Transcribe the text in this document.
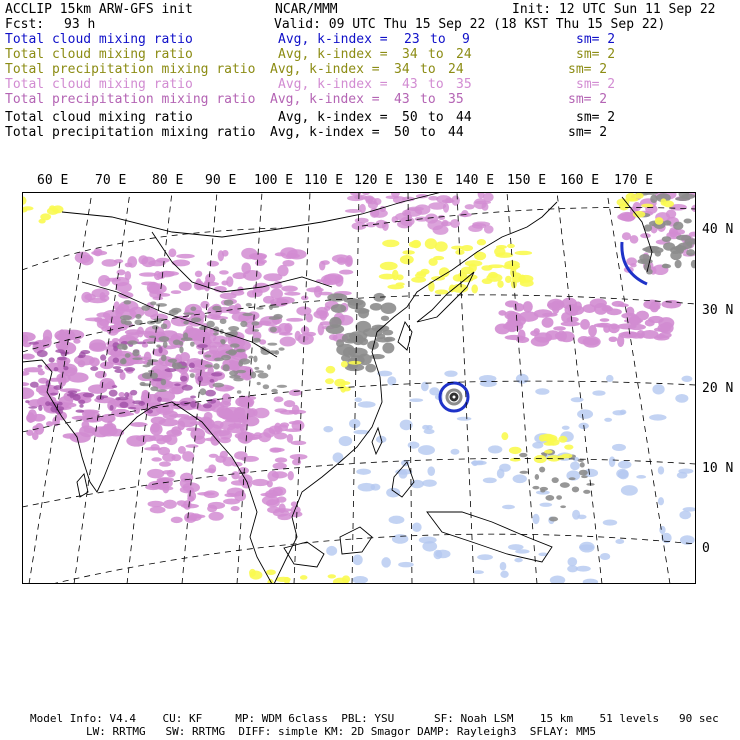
ACCLIP 15km ARW-GFS init	NCAR/MMM	Init: 12 UTC Sun 11 Sep 22
Fcst: 93 h	Valid: 09 UTC Thu 15 Sep 22 (18 KST Thu 15 Sep 22)
Total cloud mixing ratio	Avg, k-index = 23 to 9	sm= 2
Total cloud mixing ratio	Avg, k-index = 34 to 24	sm= 2
Total precipitation mixing ratio Avg, k-index = 34 to 24	sm= 2
Total cloud mixing ratio	Avg, k-index = 43 to 35	sm= 2
Total precipitation mixing ratio Avg, k-index = 43 to 35	sm= 2
Total cloud mixing ratio	Avg, k-index = 50 to 44	sm= 2
Total precipitation mixing ratio Avg, k-index = 50 to 44	sm= 2
60 E 70 E 80 E 90 E 100 E 110 E 120 E 130 E 140 E 150 E 160 E 170 E
40 N
30 N
20 N
10 N
0
Model Info: V4.4    CU: KF     MP: WDM 6class  PBL: YSU      SF: Noah LSM    15 km    51 levels   90 sec
LW: RRTMG   SW: RRTMG  DIFF: simple KM: 2D Smagor DAMP: Rayleigh3  SFLAY: MM5
